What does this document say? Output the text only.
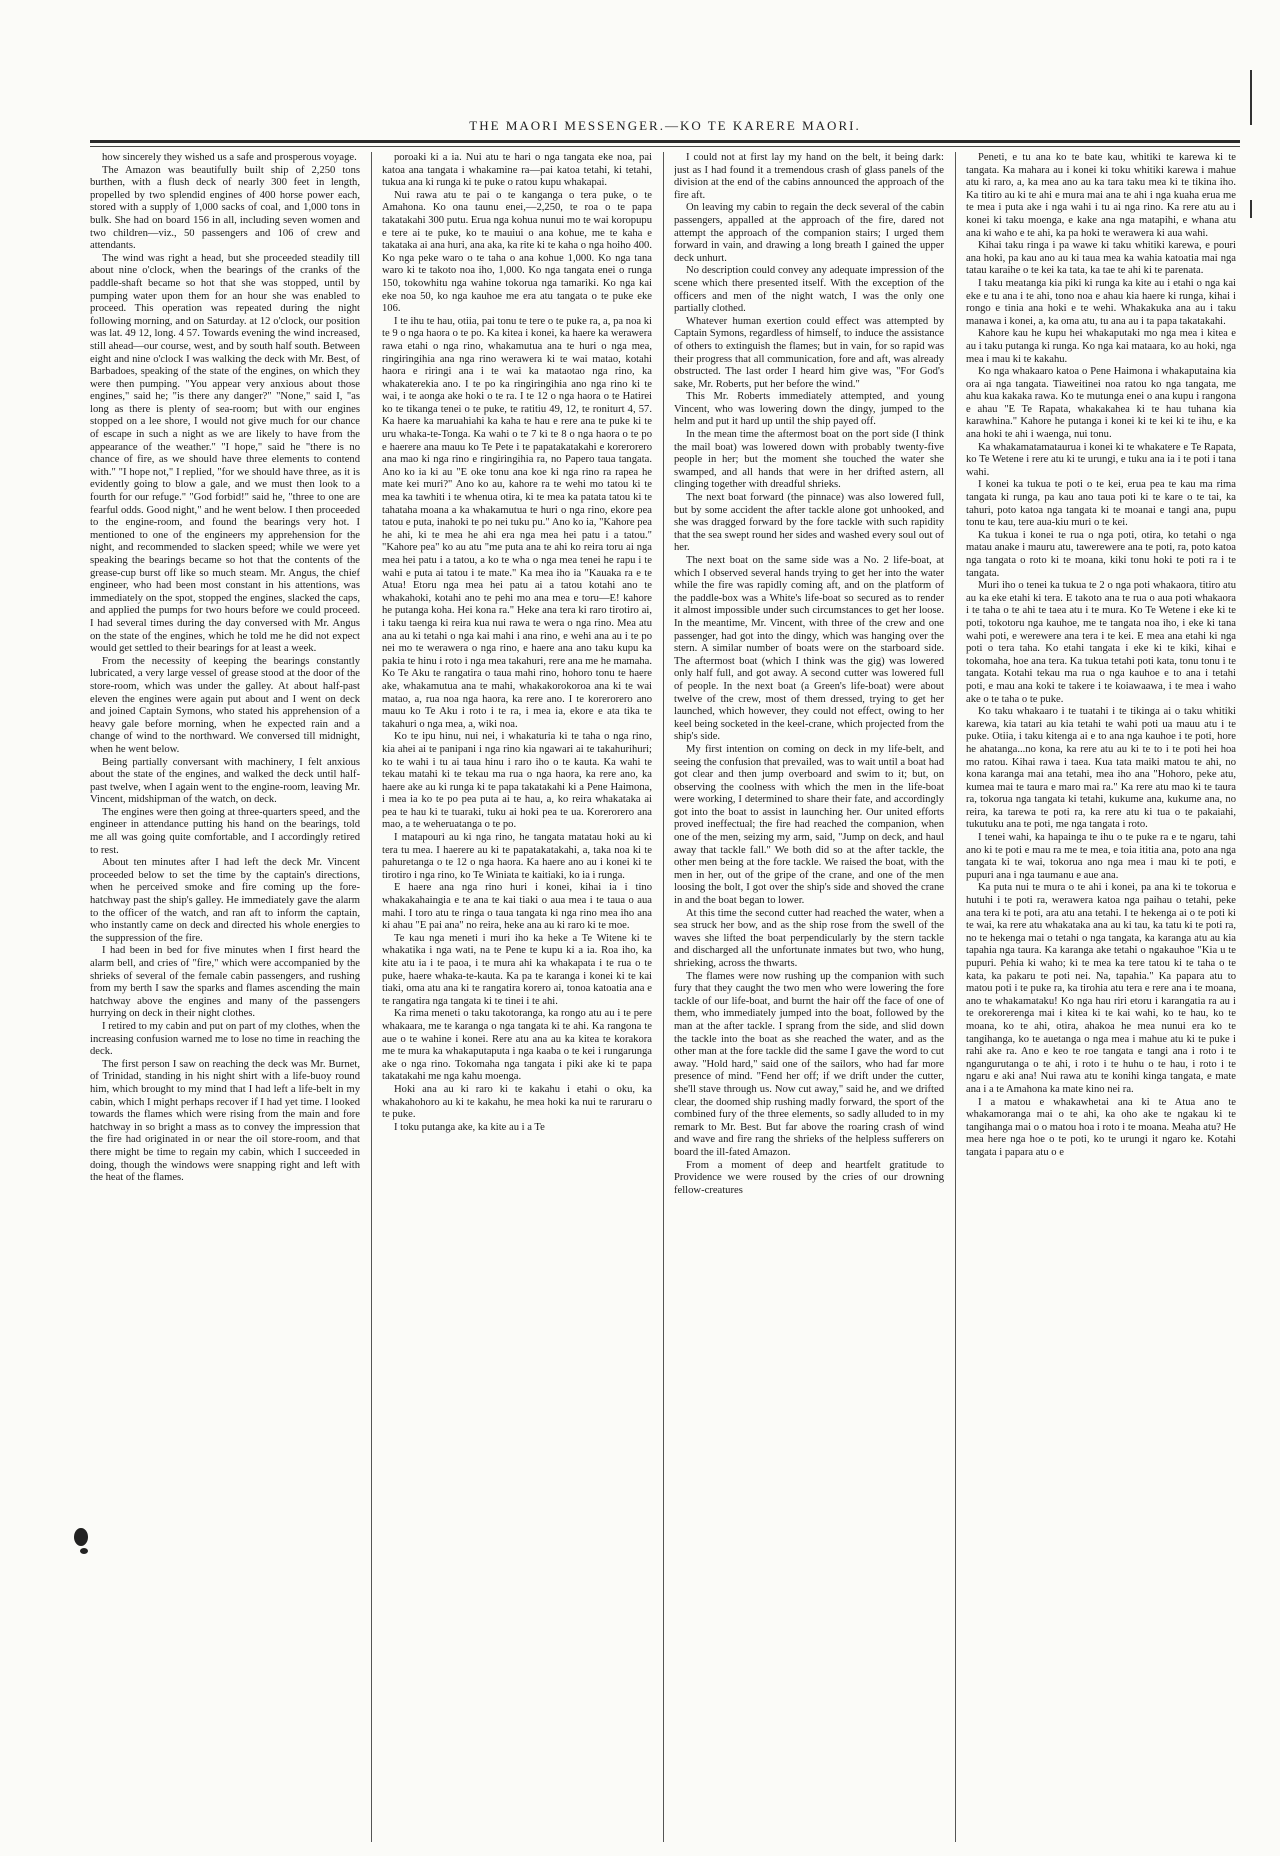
THE MAORI MESSENGER.—KO TE KARERE MAORI.

how sincerely they wished us a safe and prosperous voyage.

The Amazon was beautifully built ship of 2,250 tons burthen, with a flush deck of nearly 300 feet in length, propelled by two splendid engines of 400 horse power each, stored with a supply of 1,000 sacks of coal, and 1,000 tons in bulk. She had on board 156 in all, including seven women and two children—viz., 50 passengers and 106 of crew and attendants.

The wind was right a head, but she proceeded steadily till about nine o'clock, when the bearings of the cranks of the paddle-shaft became so hot that she was stopped, until by pumping water upon them for an hour she was enabled to proceed. This operation was repeated during the night following morning, and on Saturday. at 12 o'clock, our position was lat. 49 12, long. 4 57. Towards evening the wind increased, still ahead—our course, west, and by south half south. Between eight and nine o'clock I was walking the deck with Mr. Best, of Barbadoes, speaking of the state of the engines, on which they were then pumping. "You appear very anxious about those engines," said he; "is there any danger?" "None," said I, "as long as there is plenty of sea-room; but with our engines stopped on a lee shore, I would not give much for our chance of escape in such a night as we are likely to have from the appearance of the weather." "I hope," said he "there is no chance of fire, as we should have three elements to contend with." "I hope not," I replied, "for we should have three, as it is evidently going to blow a gale, and we must then look to a fourth for our refuge." "God forbid!" said he, "three to one are fearful odds. Good night," and he went below. I then proceeded to the engine-room, and found the bearings very hot. I mentioned to one of the engineers my apprehension for the night, and recommended to slacken speed; while we were yet speaking the bearings became so hot that the contents of the grease-cup burst off like so much steam. Mr. Angus, the chief engineer, who had been most constant in his attentions, was immediately on the spot, stopped the engines, slacked the caps, and applied the pumps for two hours before we could proceed. I had several times during the day conversed with Mr. Angus on the state of the engines, which he told me he did not expect would get settled to their bearings for at least a week.

From the necessity of keeping the bearings constantly lubricated, a very large vessel of grease stood at the door of the store-room, which was under the galley. At about half-past eleven the engines were again put about and I went on deck and joined Captain Symons, who stated his apprehension of a heavy gale before morning, when he expected rain and a change of wind to the northward. We conversed till midnight, when he went below.

Being partially conversant with machinery, I felt anxious about the state of the engines, and walked the deck until half-past twelve, when I again went to the engine-room, leaving Mr. Vincent, midshipman of the watch, on deck.

The engines were then going at three-quarters speed, and the engineer in attendance putting his hand on the bearings, told me all was going quite comfortable, and I accordingly retired to rest.

About ten minutes after I had left the deck Mr. Vincent proceeded below to set the time by the captain's directions, when he perceived smoke and fire coming up the fore-hatchway past the ship's galley. He immediately gave the alarm to the officer of the watch, and ran aft to inform the captain, who instantly came on deck and directed his whole energies to the suppression of the fire.

I had been in bed for five minutes when I first heard the alarm bell, and cries of "fire," which were accompanied by the shrieks of several of the female cabin passengers, and rushing from my berth I saw the sparks and flames ascending the main hatchway above the engines and many of the passengers hurrying on deck in their night clothes.

I retired to my cabin and put on part of my clothes, when the increasing confusion warned me to lose no time in reaching the deck.

The first person I saw on reaching the deck was Mr. Burnet, of Trinidad, standing in his night shirt with a life-buoy round him, which brought to my mind that I had left a life-belt in my cabin, which I might perhaps recover if I had yet time. I looked towards the flames which were rising from the main and fore hatchway in so bright a mass as to convey the impression that the fire had originated in or near the oil store-room, and that there might be time to regain my cabin, which I succeeded in doing, though the windows were snapping right and left with the heat of the flames.

poroaki ki a ia. Nui atu te hari o nga tangata eke noa, pai katoa ana tangata i whakamine ra—pai katoa tetahi, ki tetahi, tukua ana ki runga ki te puke o ratou kupu whakapai.

Nui rawa atu te pai o te kanganga o tera puke, o te Amahona. Ko ona taunu enei,—2,250, te roa o te papa takatakahi 300 putu. Erua nga kohua nunui mo te wai koropupu e tere ai te puke, ko te mauiui o ana kohue, me te kaha e takataka ai ana huri, ana aka, ka rite ki te kaha o nga hoiho 400. Ko nga peke waro o te taha o ana kohue 1,000. Ko nga tana waro ki te takoto noa iho, 1,000. Ko nga tangata enei o runga 150, tokowhitu nga wahine tokorua nga tamariki. Ko nga kai eke noa 50, ko nga kauhoe me era atu tangata o te puke eke 106.

I te ihu te hau, otiia, pai tonu te tere o te puke ra, a, pa noa ki te 9 o nga haora o te po. Ka kitea i konei, ka haere ka werawera rawa etahi o nga rino, whakamutua ana te huri o nga mea, ringiringihia ana nga rino werawera ki te wai matao, kotahi haora e riringi ana i te wai ka mataotao nga rino, ka whakaterekia ano. I te po ka ringiringihia ano nga rino ki te wai, i te aonga ake hoki o te ra. I te 12 o nga haora o te Hatirei ko te tikanga tenei o te puke, te ratitiu 49, 12, te roniturt 4, 57. Ka haere ka maruahiahi ka kaha te hau e rere ana te puke ki te uru whaka-te-Tonga. Ka wahi o te 7 ki te 8 o nga haora o te po e haerere ana mauu ko Te Pete i te papatakatakahi e korerorero ana mao ki nga rino e ringiringihia ra, no Papero taua tangata. Ano ko ia ki au "E oke tonu ana koe ki nga rino ra rapea he mate kei muri?" Ano ko au, kahore ra te wehi mo tatou ki te mea ka tawhiti i te whenua otira, ki te mea ka patata tatou ki te tahataha moana a ka whakamutua te huri o nga rino, ekore pea tatou e puta, inahoki te po nei tuku pu." Ano ko ia, "Kahore pea he ahi, ki te mea he ahi era nga mea hei patu i a tatou." "Kahore pea" ko au atu "me puta ana te ahi ko reira toru ai nga mea hei patu i a tatou, a ko te wha o nga mea tenei he rapu i te wahi e puta ai tatou i te mate." Ka mea iho ia "Kauaka ra e te Atua! Etoru nga mea hei patu ai a tatou kotahi ano te whakahoki, kotahi ano te pehi mo ana mea e toru—E! kahore he putanga koha. Hei kona ra." Heke ana tera ki raro tirotiro ai, i taku taenga ki reira kua nui rawa te wera o nga rino. Mea atu ana au ki tetahi o nga kai mahi i ana rino, e wehi ana au i te po nei mo te werawera o nga rino, e haere ana ano taku kupu ka pakia te hinu i roto i nga mea takahuri, rere ana me he mamaha. Ko Te Aku te rangatira o taua mahi rino, hohoro tonu te haere ake, whakamutua ana te mahi, whakakorokoroa ana ki te wai matao, a, rua noa nga haora, ka rere ano. I te korerorero ano mauu ko Te Aku i roto i te ra, i mea ia, ekore e ata tika te takahuri o nga mea, a, wiki noa.

Ko te ipu hinu, nui nei, i whakaturia ki te taha o nga rino, kia ahei ai te panipani i nga rino kia ngawari ai te takahurihuri; ko te wahi i tu ai taua hinu i raro iho o te kauta. Ka wahi te tekau matahi ki te tekau ma rua o nga haora, ka rere ano, ka haere ake au ki runga ki te papa takatakahi ki a Pene Haimona, i mea ia ko te po pea puta ai te hau, a, ko reira whakataka ai pea te hau ki te tuaraki, tuku ai hoki pea te ua. Korerorero ana mao, a te weheruatanga o te po.

I matapouri au ki nga rino, he tangata matatau hoki au ki tera tu mea. I haerere au ki te papatakatakahi, a, taka noa ki te pahuretanga o te 12 o nga haora. Ka haere ano au i konei ki te tirotiro i nga rino, ko Te Winiata te kaitiaki, ko ia i runga.

E haere ana nga rino huri i konei, kihai ia i tino whakakahaingia e te ana te kai tiaki o aua mea i te taua o aua mahi. I toro atu te ringa o taua tangata ki nga rino mea iho ana ki ahau "E pai ana" no reira, heke ana au ki raro ki te moe.

Te kau nga meneti i muri iho ka heke a Te Witene ki te whakatika i nga wati, na te Pene te kupu ki a ia. Roa iho, ka kite atu ia i te paoa, i te mura ahi ka whakapata i te rua o te puke, haere whaka-te-kauta. Ka pa te karanga i konei ki te kai tiaki, oma atu ana ki te rangatira korero ai, tonoa katoatia ana e te rangatira nga tangata ki te tinei i te ahi.

Ka rima meneti o taku takotoranga, ka rongo atu au i te pere whakaara, me te karanga o nga tangata ki te ahi. Ka rangona te aue o te wahine i konei. Rere atu ana au ka kitea te korakora me te mura ka whakaputaputa i nga kaaba o te kei i rungarunga ake o nga rino. Tokomaha nga tangata i piki ake ki te papa takatakahi me nga kahu moenga.

Hoki ana au ki raro ki te kakahu i etahi o oku, ka whakahohoro au ki te kakahu, he mea hoki ka nui te raruraru o te puke.

I toku putanga ake, ka kite au i a Te

I could not at first lay my hand on the belt, it being dark: just as I had found it a tremendous crash of glass panels of the division at the end of the cabins announced the approach of the fire aft.

On leaving my cabin to regain the deck several of the cabin passengers, appalled at the approach of the fire, dared not attempt the approach of the companion stairs; I urged them forward in vain, and drawing a long breath I gained the upper deck unhurt.

No description could convey any adequate impression of the scene which there presented itself. With the exception of the officers and men of the night watch, I was the only one partially clothed.

Whatever human exertion could effect was attempted by Captain Symons, regardless of himself, to induce the assistance of others to extinguish the flames; but in vain, for so rapid was their progress that all communication, fore and aft, was already obstructed. The last order I heard him give was, "For God's sake, Mr. Roberts, put her before the wind."

This Mr. Roberts immediately attempted, and young Vincent, who was lowering down the dingy, jumped to the helm and put it hard up until the ship payed off.

In the mean time the aftermost boat on the port side (I think the mail boat) was lowered down with probably twenty-five people in her; but the moment she touched the water she swamped, and all hands that were in her drifted astern, all clinging together with dreadful shrieks.

The next boat forward (the pinnace) was also lowered full, but by some accident the after tackle alone got unhooked, and she was dragged forward by the fore tackle with such rapidity that the sea swept round her sides and washed every soul out of her.

The next boat on the same side was a No. 2 life-boat, at which I observed several hands trying to get her into the water while the fire was rapidly coming aft, and on the platform of the paddle-box was a White's life-boat so secured as to render it almost impossible under such circumstances to get her loose. In the meantime, Mr. Vincent, with three of the crew and one passenger, had got into the dingy, which was hanging over the stern. A similar number of boats were on the starboard side. The aftermost boat (which I think was the gig) was lowered only half full, and got away. A second cutter was lowered full of people. In the next boat (a Green's life-boat) were about twelve of the crew, most of them dressed, trying to get her launched, which however, they could not effect, owing to her keel being socketed in the keel-crane, which projected from the ship's side.

My first intention on coming on deck in my life-belt, and seeing the confusion that prevailed, was to wait until a boat had got clear and then jump overboard and swim to it; but, on observing the coolness with which the men in the life-boat were working, I determined to share their fate, and accordingly got into the boat to assist in launching her. Our united efforts proved ineffectual; the fire had reached the companion, when one of the men, seizing my arm, said, "Jump on deck, and haul away that tackle fall." We both did so at the after tackle, the other men being at the fore tackle. We raised the boat, with the men in her, out of the gripe of the crane, and one of the men loosing the bolt, I got over the ship's side and shoved the crane in and the boat began to lower.

At this time the second cutter had reached the water, when a sea struck her bow, and as the ship rose from the swell of the waves she lifted the boat perpendicularly by the stern tackle and discharged all the unfortunate inmates but two, who hung, shrieking, across the thwarts.

The flames were now rushing up the companion with such fury that they caught the two men who were lowering the fore tackle of our life-boat, and burnt the hair off the face of one of them, who immediately jumped into the boat, followed by the man at the after tackle. I sprang from the side, and slid down the tackle into the boat as she reached the water, and as the other man at the fore tackle did the same I gave the word to cut away. "Hold hard," said one of the sailors, who had far more presence of mind. "Fend her off; if we drift under the cutter, she'll stave through us. Now cut away," said he, and we drifted clear, the doomed ship rushing madly forward, the sport of the combined fury of the three elements, so sadly alluded to in my remark to Mr. Best. But far above the roaring crash of wind and wave and fire rang the shrieks of the helpless sufferers on board the ill-fated Amazon.

From a moment of deep and heartfelt gratitude to Providence we were roused by the cries of our drowning fellow-creatures

Peneti, e tu ana ko te bate kau, whitiki te karewa ki te tangata. Ka mahara au i konei ki toku whitiki karewa i mahue atu ki raro, a, ka mea ano au ka tara taku mea ki te tikina iho. Ka titiro au ki te ahi e mura mai ana te ahi i nga kuaha erua me te mea i puta ake i nga wahi i tu ai nga rino. Ka rere atu au i konei ki taku moenga, e kake ana nga matapihi, e whana atu ana ki waho e te ahi, ka pa hoki te werawera ki aua wahi.

Kihai taku ringa i pa wawe ki taku whitiki karewa, e pouri ana hoki, pa kau ano au ki taua mea ka wahia katoatia mai nga tatau karaihe o te kei ka tata, ka tae te ahi ki te parenata.

I taku meatanga kia piki ki runga ka kite au i etahi o nga kai eke e tu ana i te ahi, tono noa e ahau kia haere ki runga, kihai i rongo e tinia ana hoki e te wehi. Whakakuka ana au i taku manawa i konei, a, ka oma atu, tu ana au i ta papa takatakahi.

Kahore kau he kupu hei whakaputaki mo nga mea i kitea e au i taku putanga ki runga. Ko nga kai mataara, ko au hoki, nga mea i mau ki te kakahu.

Ko nga whakaaro katoa o Pene Haimona i whakaputaina kia ora ai nga tangata. Tiaweitinei noa ratou ko nga tangata, me ahu kua kakaka rawa. Ko te mutunga enei o ana kupu i rangona e ahau "E Te Rapata, whakakahea ki te hau tuhana kia karawhina." Kahore he putanga i konei ki te kei ki te ihu, e ka ana hoki te ahi i waenga, nui tonu.

Ka whakamatamataurua i konei ki te whakatere e Te Rapata, ko Te Wetene i rere atu ki te urungi, e tuku ana ia i te poti i tana wahi.

I konei ka tukua te poti o te kei, erua pea te kau ma rima tangata ki runga, pa kau ano taua poti ki te kare o te tai, ka tahuri, poto katoa nga tangata ki te moanai e tangi ana, pupu tonu te kau, tere aua-kiu muri o te kei.

Ka tukua i konei te rua o nga poti, otira, ko tetahi o nga matau anake i mauru atu, tawerewere ana te poti, ra, poto katoa nga tangata o roto ki te moana, kiki tonu hoki te poti ra i te tangata.

Muri iho o tenei ka tukua te 2 o nga poti whakaora, titiro atu au ka eke etahi ki tera. E takoto ana te rua o aua poti whakaora i te taha o te ahi te taea atu i te mura. Ko Te Wetene i eke ki te poti, tokotoru nga kauhoe, me te tangata noa iho, i eke ki tana wahi poti, e werewere ana tera i te kei. E mea ana etahi ki nga poti o tera taha. Ko etahi tangata i eke ki te kiki, kihai e tokomaha, hoe ana tera. Ka tukua tetahi poti kata, tonu tonu i te tangata. Kotahi tekau ma rua o nga kauhoe e to ana i tetahi poti, e mau ana koki te takere i te koiawaawa, i te mea i waho ake o te taha o te puke.

Ko taku whakaaro i te tuatahi i te tikinga ai o taku whitiki karewa, kia tatari au kia tetahi te wahi poti ua mauu atu i te puke. Otiia, i taku kitenga ai e to ana nga kauhoe i te poti, hore he ahatanga...no kona, ka rere atu au ki te to i te poti hei hoa mo ratou. Kihai rawa i taea. Kua tata maiki matou te ahi, no kona karanga mai ana tetahi, mea iho ana "Hohoro, peke atu, kumea mai te taura e maro mai ra." Ka rere atu mao ki te taura ra, tokorua nga tangata ki tetahi, kukume ana, kukume ana, no reira, ka tarewa te poti ra, ka rere atu ki tua o te pakaiahi, tukutuku ana te poti, me nga tangata i roto.

I tenei wahi, ka hapainga te ihu o te puke ra e te ngaru, tahi ano ki te poti e mau ra me te mea, e toia ititia ana, poto ana nga tangata ki te wai, tokorua ano nga mea i mau ki te poti, e pupuri ana i nga taumanu e aue ana.

Ka puta nui te mura o te ahi i konei, pa ana ki te tokorua e hutuhi i te poti ra, werawera katoa nga paihau o tetahi, peke ana tera ki te poti, ara atu ana tetahi. I te hekenga ai o te poti ki te wai, ka rere atu whakataka ana au ki tau, ka tatu ki te poti ra, no te hekenga mai o tetahi o nga tangata, ka karanga atu au kia tapahia nga taura. Ka karanga ake tetahi o ngakauhoe "Kia u te pupuri. Pehia ki waho; ki te mea ka tere tatou ki te taha o te kata, ka pakaru te poti nei. Na, tapahia." Ka papara atu to matou poti i te puke ra, ka tirohia atu tera e rere ana i te moana, ano te whakamataku! Ko nga hau riri etoru i karangatia ra au i te orekorerenga mai i kitea ki te kai wahi, ko te hau, ko te moana, ko te ahi, otira, ahakoa he mea nunui era ko te tangihanga, ko te auetanga o nga mea i mahue atu ki te puke i rahi ake ra. Ano e keo te roe tangata e tangi ana i roto i te ngangurutanga o te ahi, i roto i te huhu o te hau, i roto i te ngaru e aki ana! Nui rawa atu te konihi kinga tangata, e mate ana i a te Amahona ka mate kino nei ra.

I a matou e whakawhetai ana ki te Atua ano te whakamoranga mai o te ahi, ka oho ake te ngakau ki te tangihanga mai o o matou hoa i roto i te moana. Meaha atu? He mea here nga hoe o te poti, ko te urungi it ngaro ke. Kotahi tangata i papara atu o e
